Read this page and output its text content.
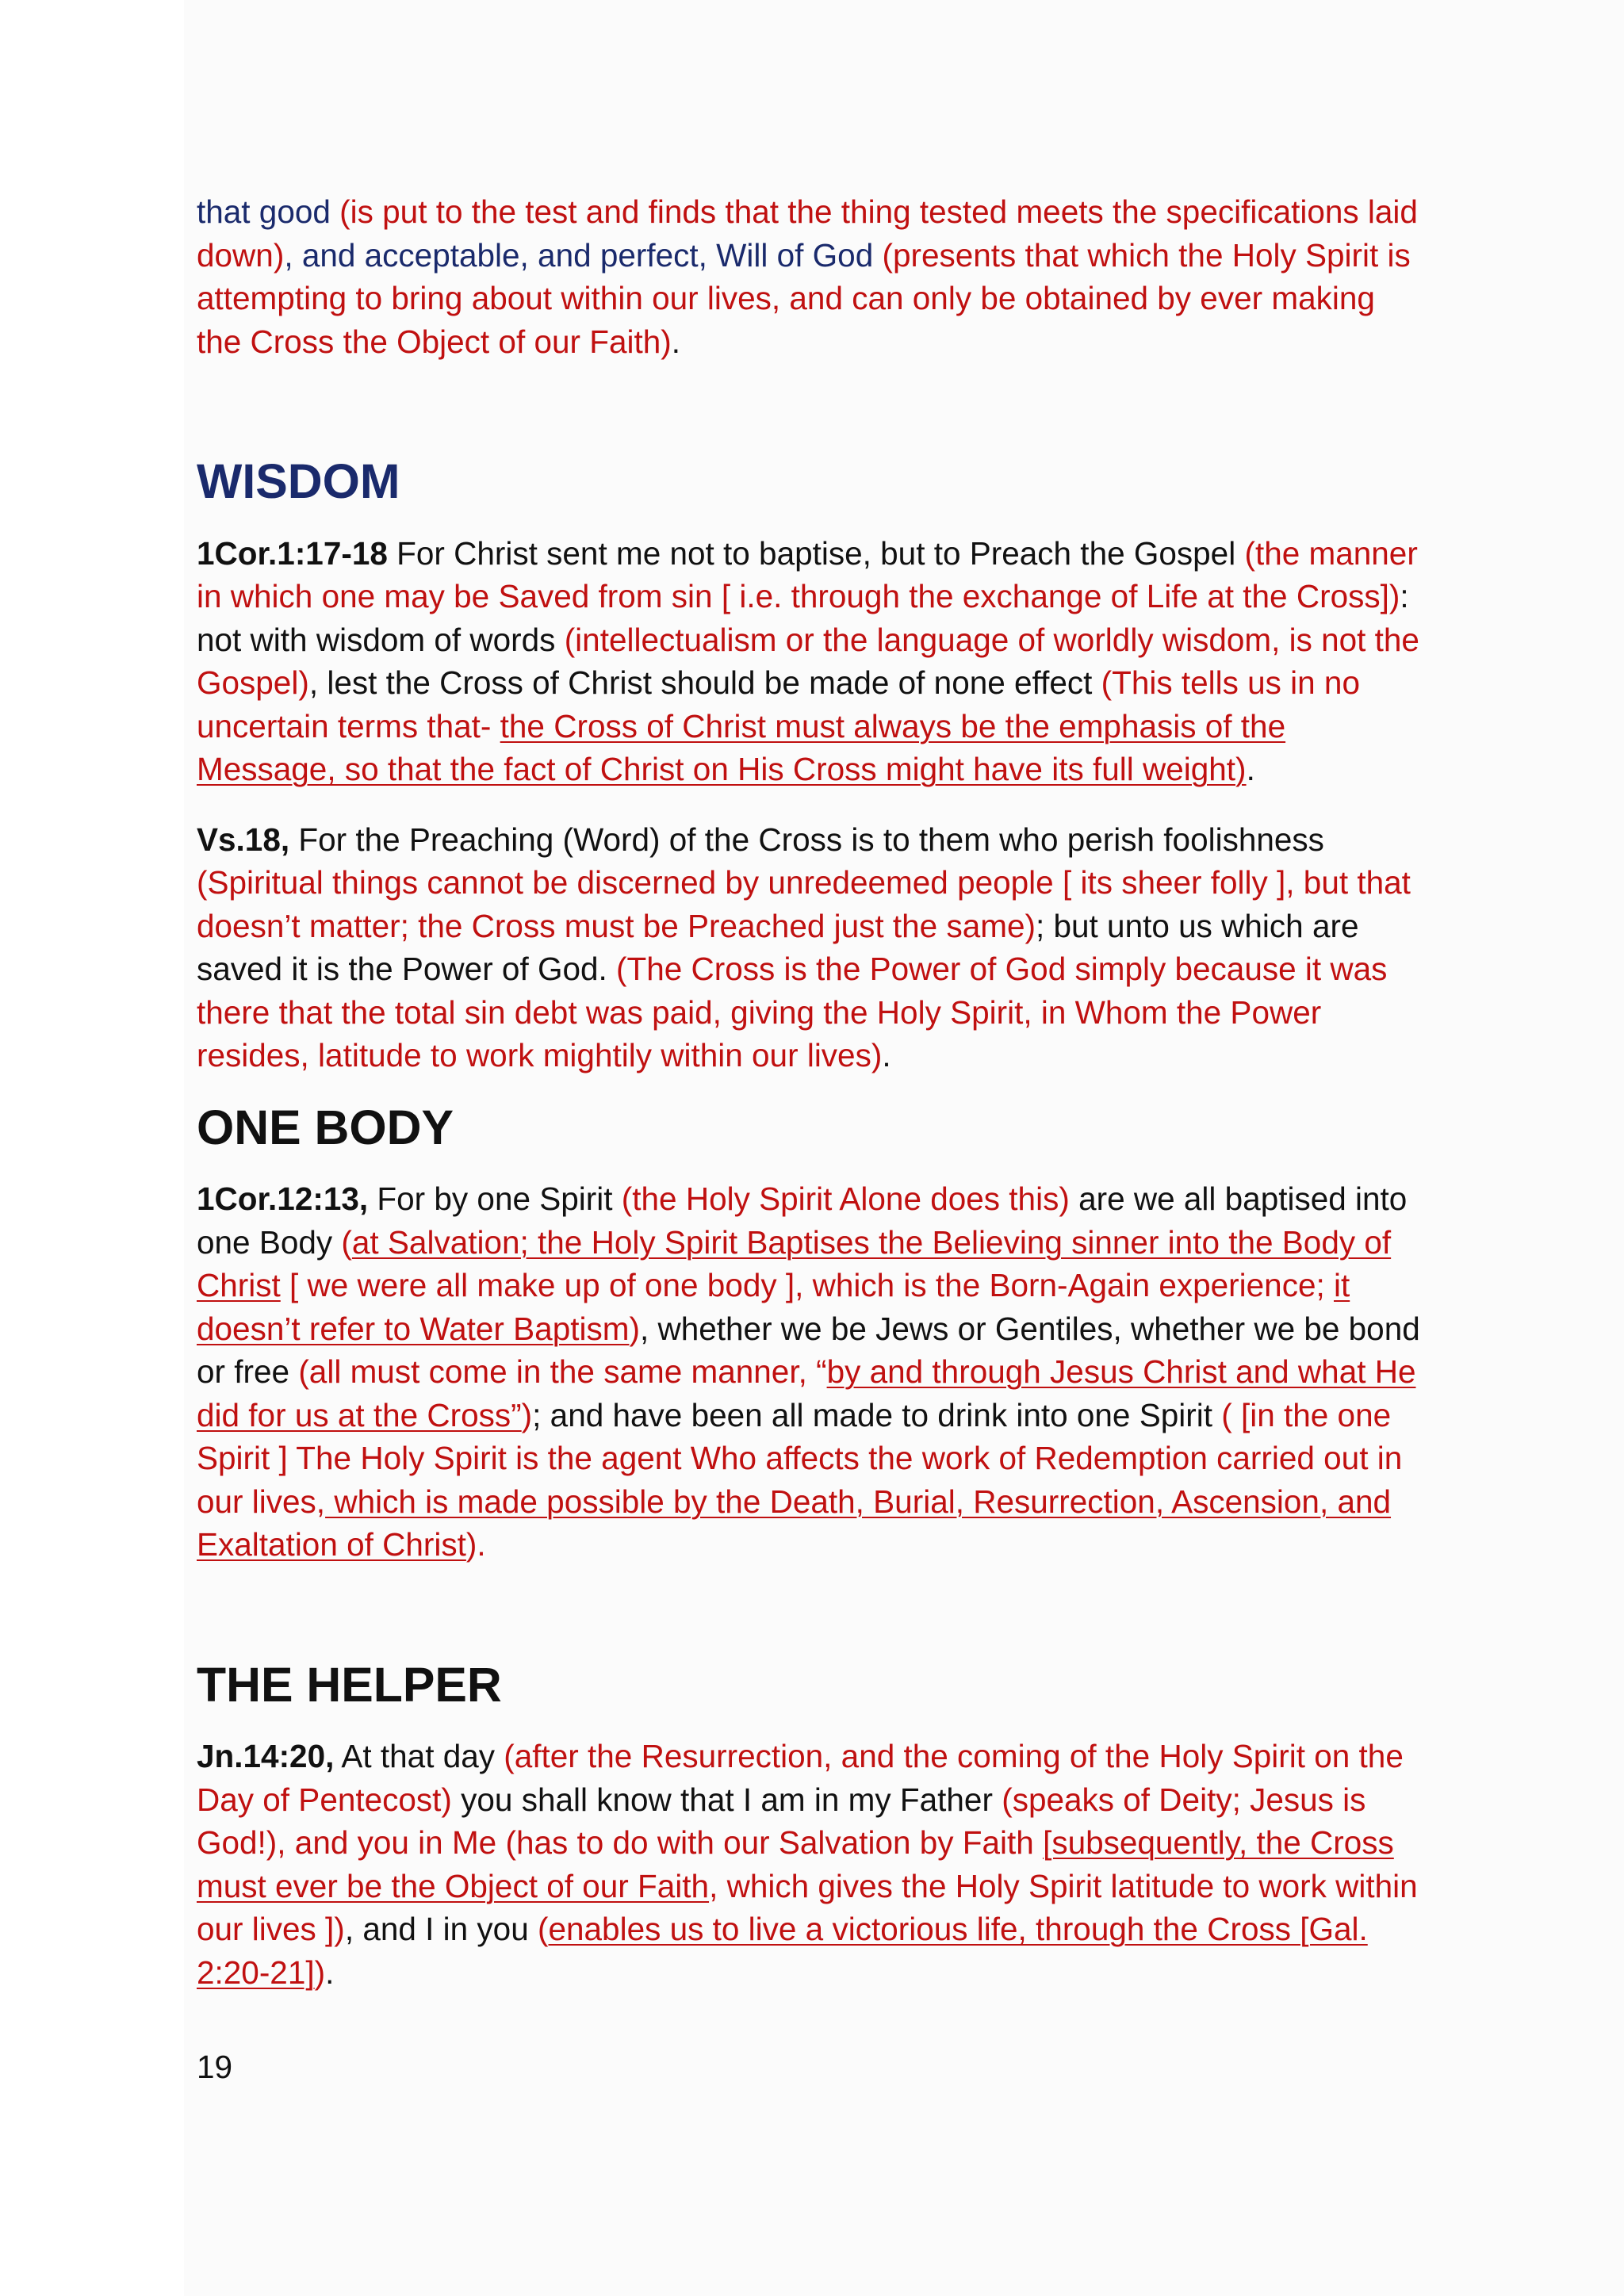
that good (is put to the test and finds that the thing tested meets the specifications laid down), and acceptable, and perfect, Will of God (presents that which the Holy Spirit is attempting to bring about within our lives, and can only be obtained by ever making the Cross the Object of our Faith).

WISDOM

1Cor.1:17-18 For Christ sent me not to baptise, but to Preach the Gospel (the manner in which one may be Saved from sin [ i.e. through the exchange of Life at the Cross]): not with wisdom of words (intellectualism or the language of worldly wisdom, is not the Gospel), lest the Cross of Christ should be made of none effect (This tells us in no uncertain terms that- the Cross of Christ must always be the emphasis of the Message, so that the fact of Christ on His Cross might have its full weight).

Vs.18, For the Preaching (Word) of the Cross is to them who perish foolishness (Spiritual things cannot be discerned by unredeemed people [ its sheer folly ], but that doesn’t matter; the Cross must be Preached just the same); but unto us which are saved it is the Power of God. (The Cross is the Power of God simply because it was there that the total sin debt was paid, giving the Holy Spirit, in Whom the Power resides, latitude to work mightily within our lives).

ONE BODY

1Cor.12:13, For by one Spirit (the Holy Spirit Alone does this) are we all baptised into one Body (at Salvation; the Holy Spirit Baptises the Believing sinner into the Body of Christ [ we were all make up of one body ], which is the Born-Again experience; it doesn’t refer to Water Baptism), whether we be Jews or Gentiles, whether we be bond or free (all must come in the same manner, “by and through Jesus Christ and what He did for us at the Cross”); and have been all made to drink into one Spirit ( [in the one Spirit ] The Holy Spirit is the agent Who affects the work of Redemption carried out in our lives, which is made possible by the Death, Burial, Resurrection, Ascension, and Exaltation of Christ).

THE HELPER

Jn.14:20, At that day (after the Resurrection, and the coming of the Holy Spirit on the Day of Pentecost) you shall know that I am in my Father (speaks of Deity; Jesus is God!), and you in Me (has to do with our Salvation by Faith [subsequently, the Cross must ever be the Object of our Faith, which gives the Holy Spirit latitude to work within our lives ]), and I in you (enables us to live a victorious life, through the Cross [Gal. 2:20-21]).

19
